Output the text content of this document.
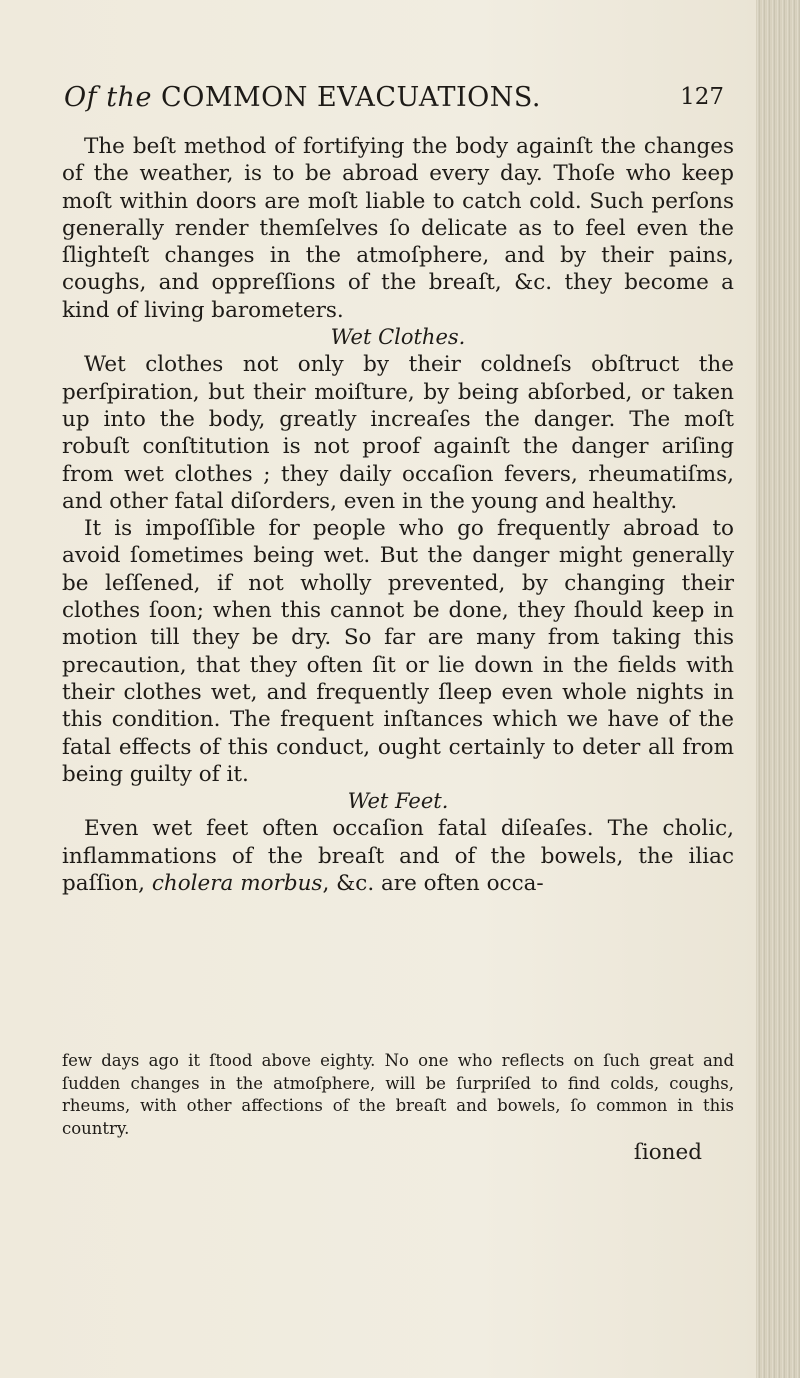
Of the COMMON EVACUATIONS.	127

The beſt method of fortifying the body againſt the changes of the weather, is to be abroad every day. Thoſe who keep moſt within doors are moſt liable to catch cold. Such perſons generally render themſelves ſo delicate as to feel even the ſlighteſt changes in the atmoſphere, and by their pains, coughs, and oppreſſions of the breaſt, &c. they become a kind of living barometers.

Wet Clothes.

Wet clothes not only by their coldneſs obſtruct the perſpiration, but their moiſture, by being abſorbed, or taken up into the body, greatly increaſes the danger. The moſt robuſt conſtitution is not proof againſt the danger ariſing from wet clothes ; they daily occaſion fevers, rheumatiſms, and other fatal diſorders, even in the young and healthy.

It is impoſſible for people who go frequently abroad to avoid ſometimes being wet. But the danger might generally be leſſened, if not wholly prevented, by changing their clothes ſoon; when this cannot be done, they ſhould keep in motion till they be dry. So far are many from taking this precaution, that they often ſit or lie down in the fields with their clothes wet, and frequently ſleep even whole nights in this condition. The frequent inſtances which we have of the fatal effects of this conduct, ought certainly to deter all from being guilty of it.

Wet Feet.

Even wet feet often occaſion fatal diſeaſes. The cholic, inflammations of the breaſt and of the bowels, the iliac paſſion, cholera morbus, &c. are often occa-

few days ago it ſtood above eighty. No one who reflects on ſuch great and ſudden changes in the atmoſphere, will be ſurpriſed to find colds, coughs, rheums, with other affections of the breaſt and bowels, ſo common in this country.
ſioned
